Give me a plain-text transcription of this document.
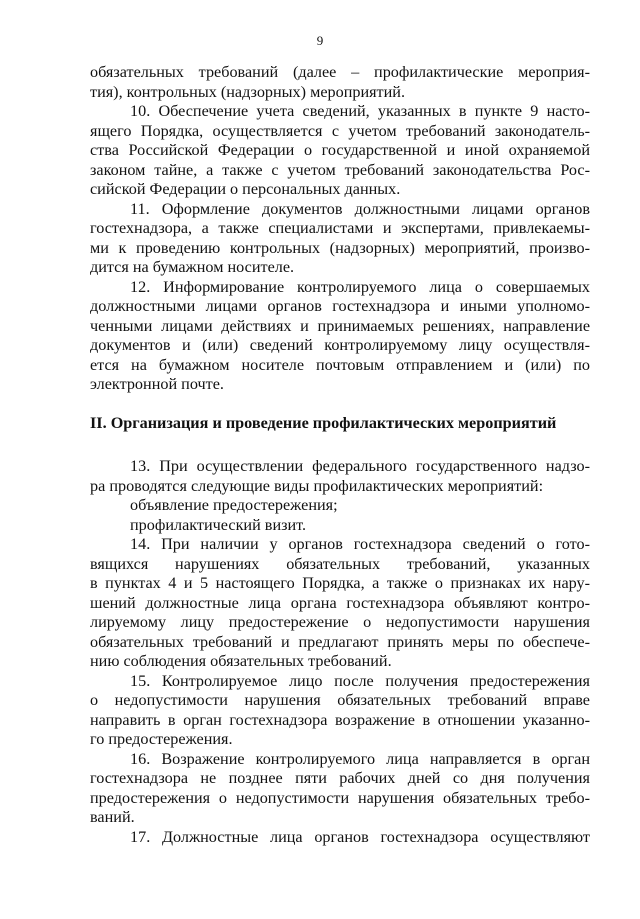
9
обязательных требований (далее – профилактические мероприя-
тия), контрольных (надзорных) мероприятий.
10. Обеспечение учета сведений, указанных в пункте 9 насто-
ящего Порядка, осуществляется с учетом требований законодатель-
ства Российской Федерации о государственной и иной охраняемой
законом тайне, а также с учетом требований законодательства Рос-
сийской Федерации о персональных данных.
11. Оформление документов должностными лицами органов
гостехнадзора, а также специалистами и экспертами, привлекаемы-
ми к проведению контрольных (надзорных) мероприятий, произво-
дится на бумажном носителе.
12. Информирование контролируемого лица о совершаемых
должностными лицами органов гостехнадзора и иными уполномо-
ченными лицами действиях и принимаемых решениях, направление
документов и (или) сведений контролируемому лицу осуществля-
ется на бумажном носителе почтовым отправлением и (или) по
электронной почте.
II. Организация и проведение профилактических мероприятий
13. При осуществлении федерального государственного надзо-
ра проводятся следующие виды профилактических мероприятий:
объявление предостережения;
профилактический визит.
14. При наличии у органов гостехнадзора сведений о гото-
вящихся нарушениях обязательных требований, указанных
в пунктах 4 и 5 настоящего Порядка, а также о признаках их нару-
шений должностные лица органа гостехнадзора объявляют контро-
лируемому лицу предостережение о недопустимости нарушения
обязательных требований и предлагают принять меры по обеспече-
нию соблюдения обязательных требований.
15. Контролируемое лицо после получения предостережения
о недопустимости нарушения обязательных требований вправе
направить в орган гостехнадзора возражение в отношении указанно-
го предостережения.
16. Возражение контролируемого лица направляется в орган
гостехнадзора не позднее пяти рабочих дней со дня получения
предостережения о недопустимости нарушения обязательных требо-
ваний.
17. Должностные лица органов гостехнадзора осуществляют
